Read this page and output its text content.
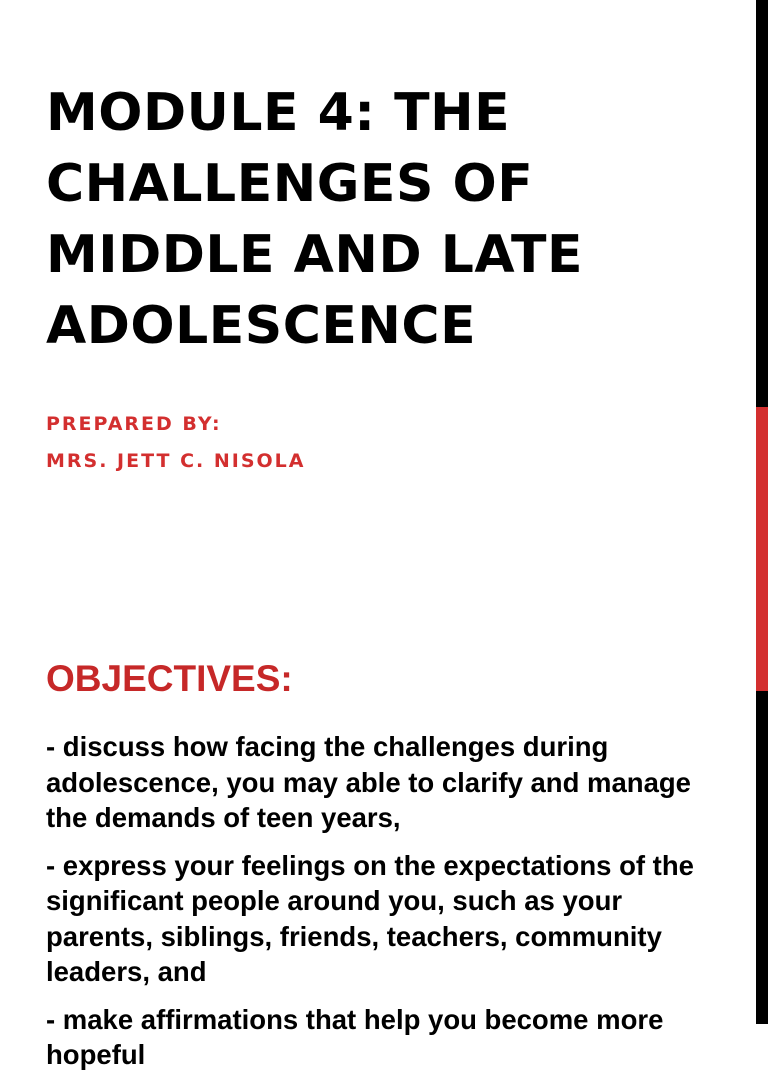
MODULE 4: THE
CHALLENGES OF
MIDDLE AND LATE
ADOLESCENCE
PREPARED BY:
MRS. JETT C. NISOLA
OBJECTIVES:
- discuss how facing the challenges during adolescence, you may able to clarify and manage the demands of teen years,
- express your feelings on the expectations of the significant people around you, such as your parents, siblings, friends, teachers, community leaders, and
- make affirmations that help you become more hopeful
